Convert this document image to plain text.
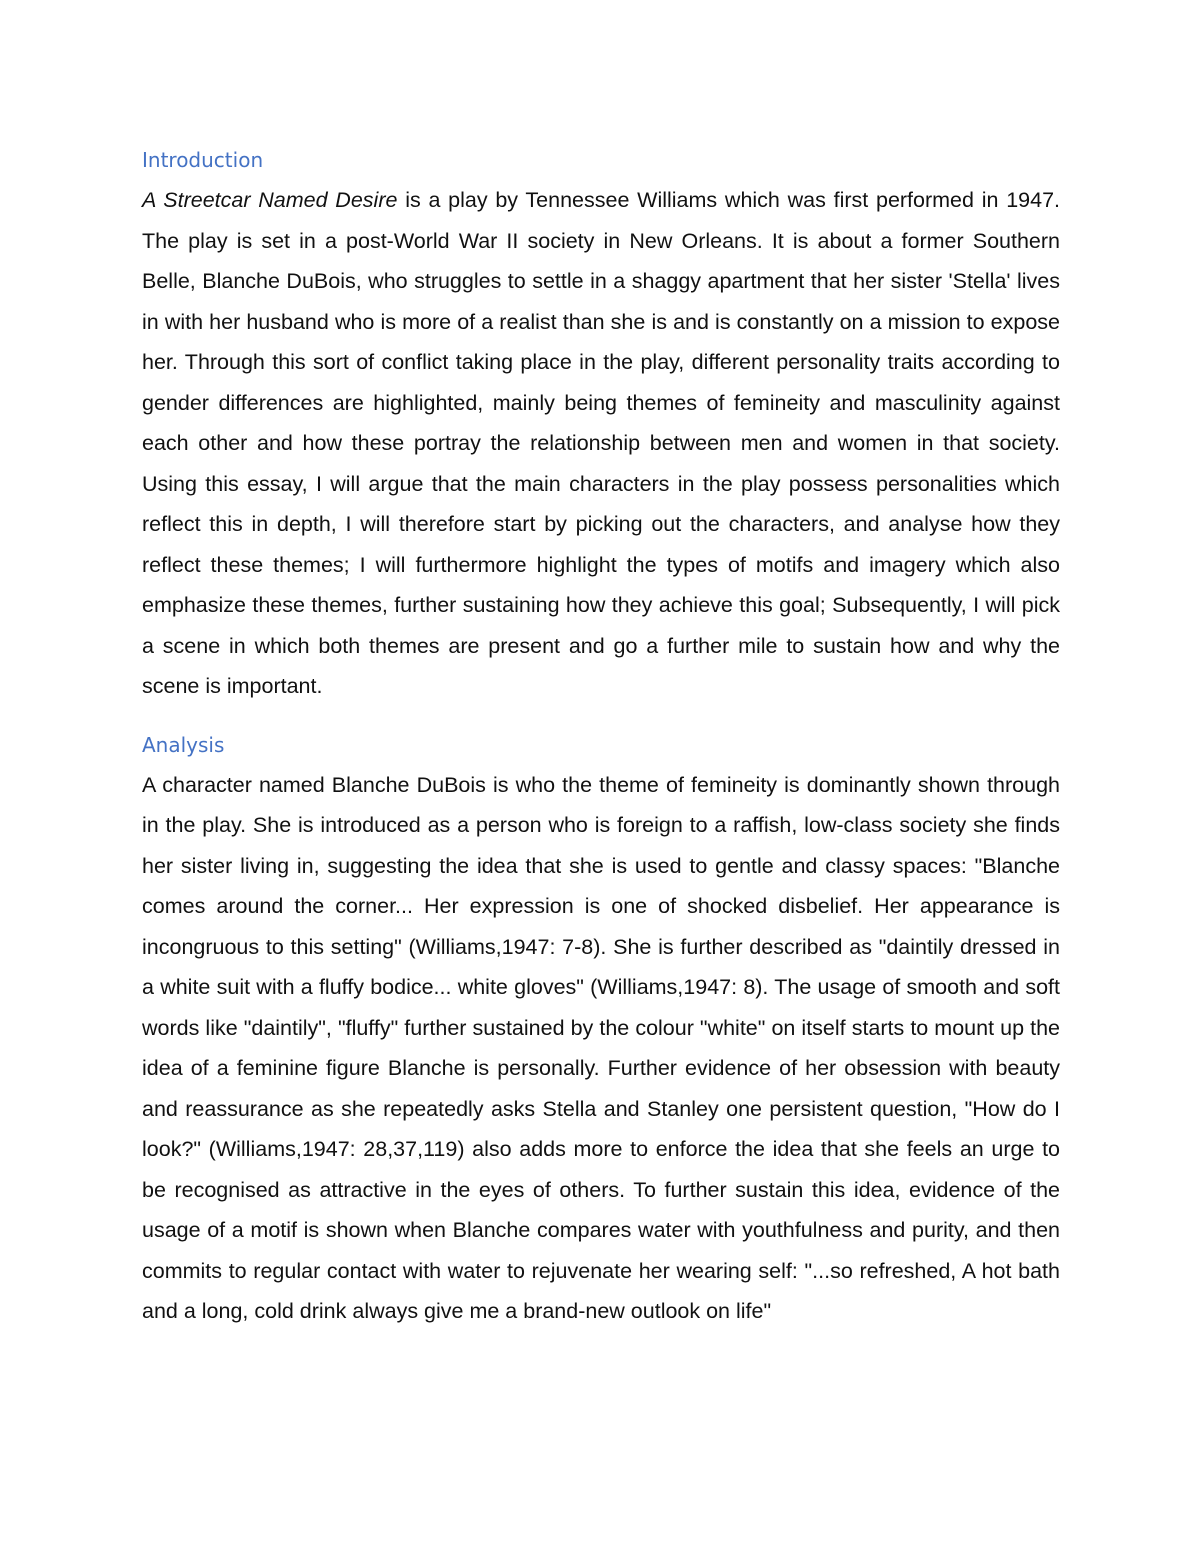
Introduction

A Streetcar Named Desire is a play by Tennessee Williams which was first performed in 1947. The play is set in a post-World War II society in New Orleans. It is about a former Southern Belle, Blanche DuBois, who struggles to settle in a shaggy apartment that her sister 'Stella' lives in with her husband who is more of a realist than she is and is constantly on a mission to expose her. Through this sort of conflict taking place in the play, different personality traits according to gender differences are highlighted, mainly being themes of femineity and masculinity against each other and how these portray the relationship between men and women in that society. Using this essay, I will argue that the main characters in the play possess personalities which reflect this in depth, I will therefore start by picking out the characters, and analyse how they reflect these themes; I will furthermore highlight the types of motifs and imagery which also emphasize these themes, further sustaining how they achieve this goal; Subsequently, I will pick a scene in which both themes are present and go a further mile to sustain how and why the scene is important.

Analysis

A character named Blanche DuBois is who the theme of femineity is dominantly shown through in the play. She is introduced as a person who is foreign to a raffish, low-class society she finds her sister living in, suggesting the idea that she is used to gentle and classy spaces: "Blanche comes around the corner... Her expression is one of shocked disbelief. Her appearance is incongruous to this setting" (Williams,1947: 7-8). She is further described as "daintily dressed in a white suit with a fluffy bodice... white gloves" (Williams,1947: 8). The usage of smooth and soft words like "daintily", "fluffy" further sustained by the colour "white" on itself starts to mount up the idea of a feminine figure Blanche is personally. Further evidence of her obsession with beauty and reassurance as she repeatedly asks Stella and Stanley one persistent question, "How do I look?" (Williams,1947: 28,37,119) also adds more to enforce the idea that she feels an urge to be recognised as attractive in the eyes of others. To further sustain this idea, evidence of the usage of a motif is shown when Blanche compares water with youthfulness and purity, and then commits to regular contact with water to rejuvenate her wearing self: "...so refreshed, A hot bath and a long, cold drink always give me a brand-new outlook on life"
